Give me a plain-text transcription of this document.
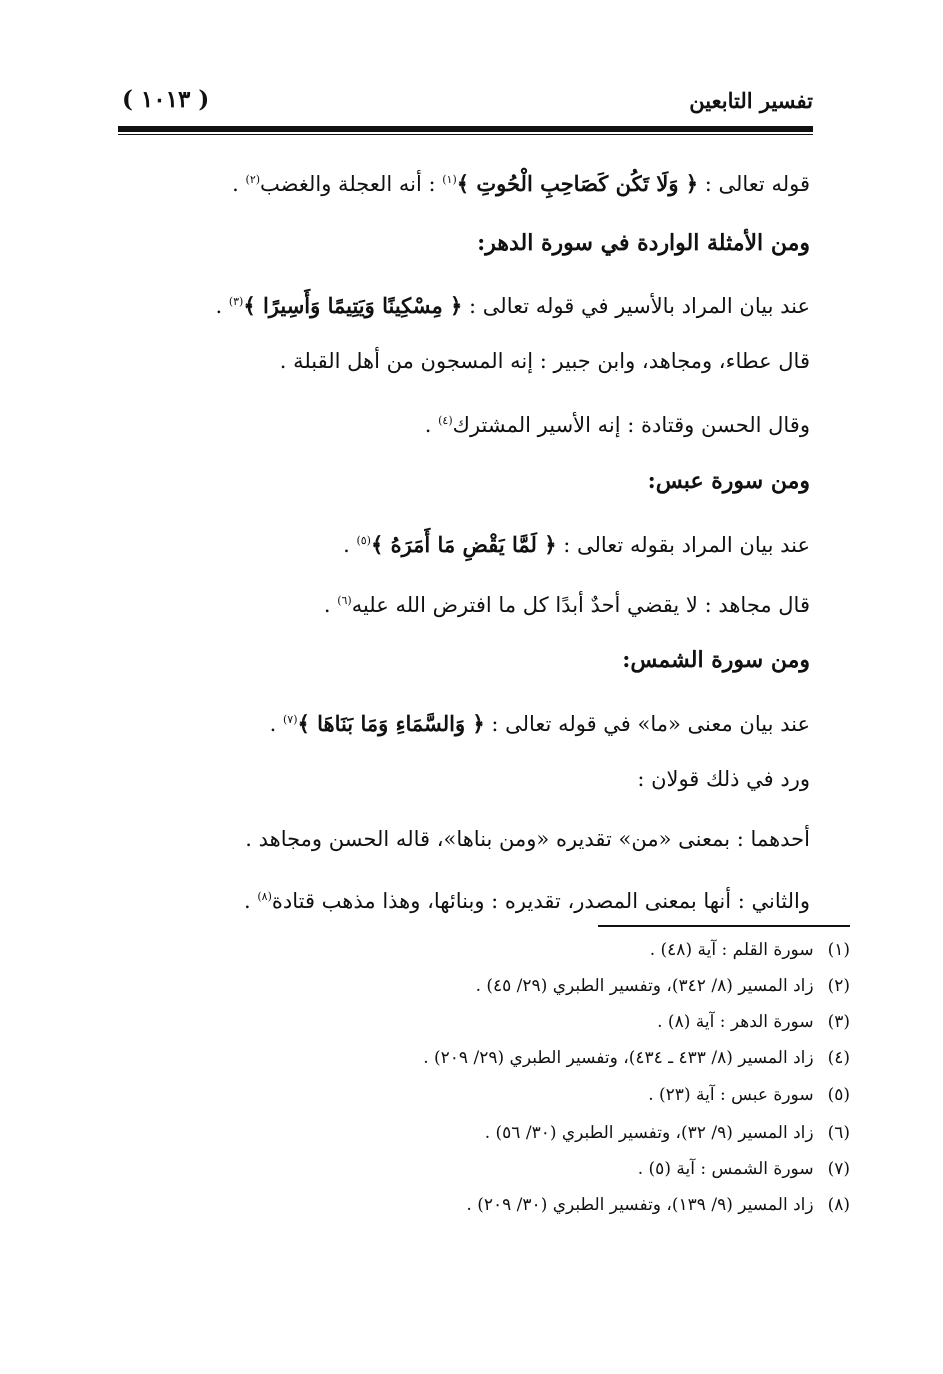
تفسير التابعين
( ١٠١٣ )
قوله تعالى : ﴿ وَلَا تَكُن كَصَاحِبِ الْحُوتِ ﴾$^{(١)}$ : أنه العجلة والغضب$^{(٢)}$ .
ومن الأمثلة الواردة في سورة الدهر:
عند بيان المراد بالأسير في قوله تعالى : ﴿ مِسْكِينًا وَيَتِيمًا وَأَسِيرًا ﴾$^{(٣)}$ .
قال عطاء، ومجاهد، وابن جبير : إنه المسجون من أهل القبلة .
وقال الحسن وقتادة : إنه الأسير المشترك$^{(٤)}$ .
ومن سورة عبس:
عند بيان المراد بقوله تعالى : ﴿ لَمَّا يَقْضِ مَا أَمَرَهُ ﴾$^{(٥)}$ .
قال مجاهد : لا يقضي أحدٌ أبدًا كل ما افترض الله عليه$^{(٦)}$ .
ومن سورة الشمس:
عند بيان معنى «ما» في قوله تعالى : ﴿ وَالسَّمَاءِ وَمَا بَنَاهَا ﴾$^{(٧)}$ .
ورد في ذلك قولان :
أحدهما : بمعنى «من» تقديره «ومن بناها»، قاله الحسن ومجاهد .
والثاني : أنها بمعنى المصدر، تقديره : وبنائها، وهذا مذهب قتادة$^{(٨)}$ .
(١)سورة القلم : آية (٤٨) .
(٢)زاد المسير (٨/ ٣٤٢)، وتفسير الطبري (٢٩/ ٤٥) .
(٣)سورة الدهر : آية (٨) .
(٤)زاد المسير (٨/ ٤٣٣ ـ ٤٣٤)، وتفسير الطبري (٢٩/ ٢٠٩) .
(٥)سورة عبس : آية (٢٣) .
(٦)زاد المسير (٩/ ٣٢)، وتفسير الطبري (٣٠/ ٥٦) .
(٧)سورة الشمس : آية (٥) .
(٨)زاد المسير (٩/ ١٣٩)، وتفسير الطبري (٣٠/ ٢٠٩) .
